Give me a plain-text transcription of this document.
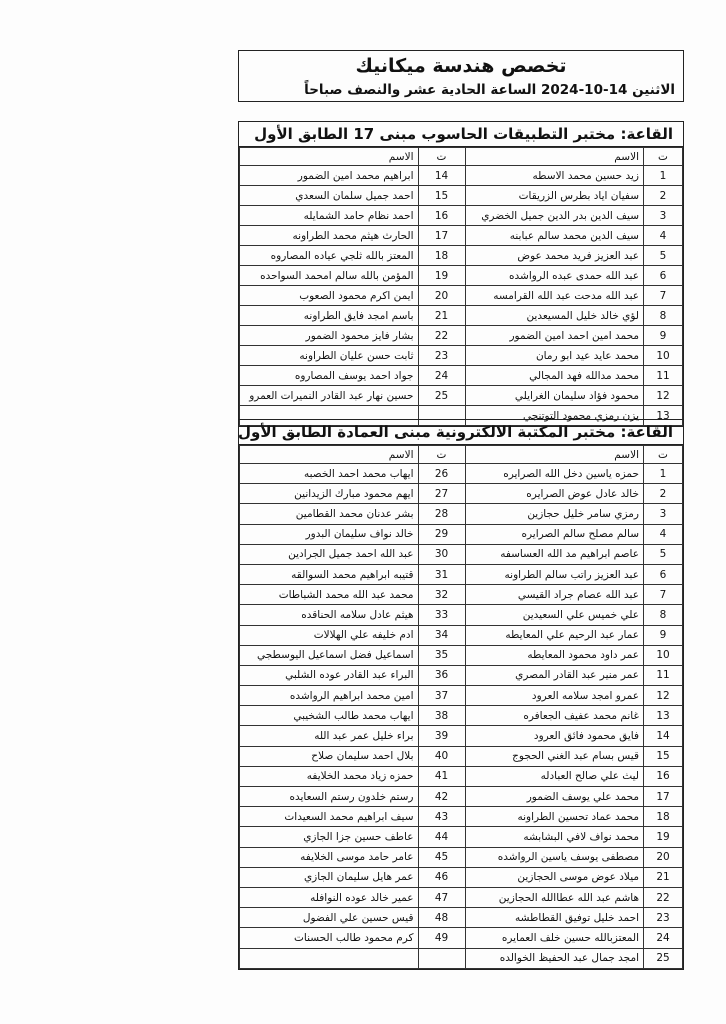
تخصص هندسة ميكانيك
الاثنين 14-10-2024 الساعة الحادية عشر والنصف صباحاً
القاعة: مختبر التطبيقات الحاسوب مبنى 17 الطابق الأول
ت	الاسم	ت	الاسم
1	زيد حسين محمد الاسطه	14	ابراهيم محمد امين الضمور
2	سفيان اياد بطرس الزريقات	15	احمد جميل سلمان السعدي
3	سيف الدين بدر الدين جميل الخضري	16	احمد نظام حامد الشمايله
4	سيف الدين محمد سالم عبابنه	17	الحارث هيثم محمد الطراونه
5	عبد العزيز فريد محمد عوض	18	المعتز بالله ثلجي عياده المصاروه
6	عبد الله حمدى عبده الرواشده	19	المؤمن بالله سالم امحمد السواحده
7	عبد الله مدحت عبد الله القرامسه	20	ايمن اكرم محمود الصعوب
8	لؤي خالد خليل المسيعدين	21	باسم امجد فايق الطراونه
9	محمد امين احمد امين الضمور	22	بشار فايز محمود الضمور
10	محمد عايد عيد ابو رمان	23	ثابت حسن عليان الطراونه
11	محمد مدالله فهد المجالي	24	جواد احمد يوسف المصاروه
12	محمود فؤاد سليمان الغرايلي	25	حسين نهار عبد القادر النميرات العمرو
13	يزن رمزي محمود التوتنجي		
القاعة: مختبر المكتبة الالكترونية مبنى العمادة الطابق الأول
ت	الاسم	ت	الاسم
1	حمزه ياسين دخل الله الصرايره	26	ايهاب محمد احمد الخصبه
2	خالد عادل عوض الصرايره	27	ايهم محمود مبارك الزيدانين
3	رمزي سامر خليل حجازين	28	بشر عدنان محمد القطامين
4	سالم مصلح سالم الصرايره	29	خالد نواف سليمان البدور
5	عاصم ابراهيم مد الله العساسفه	30	عبد الله احمد جميل الجرادين
6	عبد العزيز راتب سالم الطراونه	31	قتيبه ابراهيم محمد السوالقه
7	عبد الله عصام جراد القيسي	32	محمد عبد الله محمد الشباطات
8	علي خميس علي السعيدين	33	هيثم عادل سلامه الحناقده
9	عمار عبد الرحيم علي المعايطه	34	ادم خليفه علي الهلالات
10	عمر داود محمود المعايطه	35	اسماعيل فضل اسماعيل اليوسطجي
11	عمر منير عبد القادر المصري	36	البراء عبد القادر عوده الشلبي
12	عمرو امجد سلامه العرود	37	امين محمد ابراهيم الرواشده
13	غانم محمد عفيف الجعافره	38	ايهاب محمد طالب الشخيبي
14	فايق محمود فائق العرود	39	براء خليل عمر عبد الله
15	قيس بسام عبد الغني الحجوج	40	بلال احمد سليمان صلاح
16	ليث علي صالح العبادله	41	حمزه زياد محمد الخلايفه
17	محمد علي يوسف الضمور	42	رستم خلدون رستم السعايده
18	محمد عماد تحسين الطراونه	43	سيف ابراهيم محمد السعيدات
19	محمد نواف لافي البشابشه	44	عاطف حسين جزا الجازي
20	مصطفى يوسف ياسين الرواشده	45	عامر حامد موسى الخلايفه
21	ميلاد عوض موسى الحجازين	46	عمر هايل سليمان الجازي
22	هاشم عبد الله عطاالله الحجازين	47	عمير خالد عوده النوافله
23	احمد خليل توفيق القطاطشه	48	قيس حسين علي الفضول
24	المعتزبالله حسين خلف العمايره	49	كرم محمود طالب الحسنات
25	امجد جمال عبد الحفيظ الخوالده		
